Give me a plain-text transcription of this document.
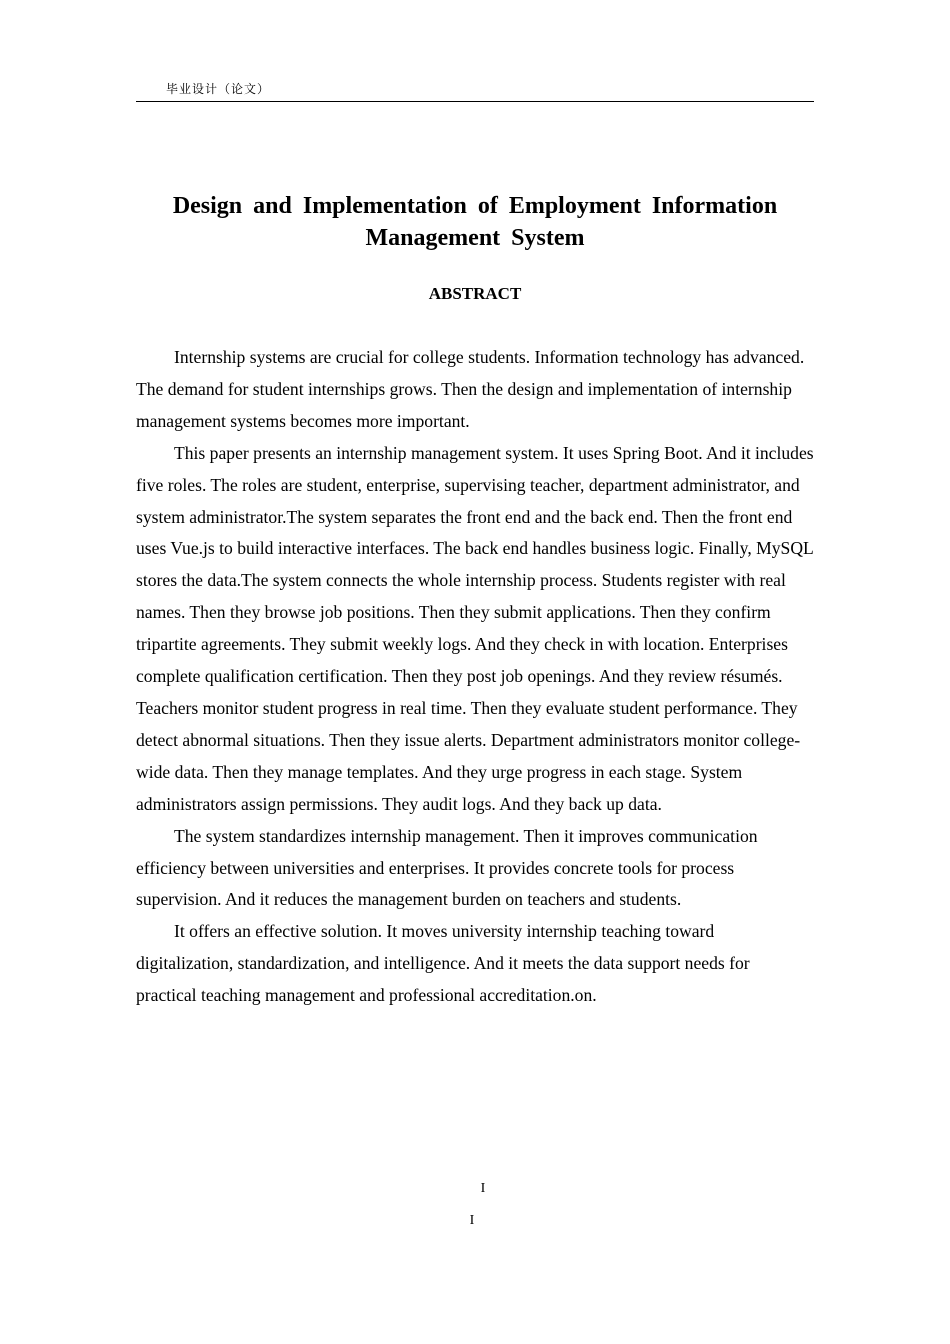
毕业设计（论文）
Design and Implementation of Employment Information
Management System
ABSTRACT

Internship systems are crucial for college students. Information technology has advanced. The demand for student internships grows. Then the design and implementation of internship management systems becomes more important.

This paper presents an internship management system. It uses Spring Boot. And it includes five roles. The roles are student, enterprise, supervising teacher, department administrator, and system administrator.The system separates the front end and the back end. Then the front end uses Vue.js to build interactive interfaces. The back end handles business logic. Finally, MySQL stores the data.The system connects the whole internship process. Students register with real names. Then they browse job positions. Then they submit applications. Then they confirm tripartite agreements. They submit weekly logs. And they check in with location. Enterprises complete qualification certification. Then they post job openings. And they review résumés. Teachers monitor student progress in real time. Then they evaluate student performance. They detect abnormal situations. Then they issue alerts. Department administrators monitor college-wide data. Then they manage templates. And they urge progress in each stage. System administrators assign permissions. They audit logs. And they back up data.

The system standardizes internship management. Then it improves communication efficiency between universities and enterprises. It provides concrete tools for process supervision. And it reduces the management burden on teachers and students.

It offers an effective solution. It moves university internship teaching toward digitalization, standardization, and intelligence. And it meets the data support needs for practical teaching management and professional accreditation.on.

I
I
